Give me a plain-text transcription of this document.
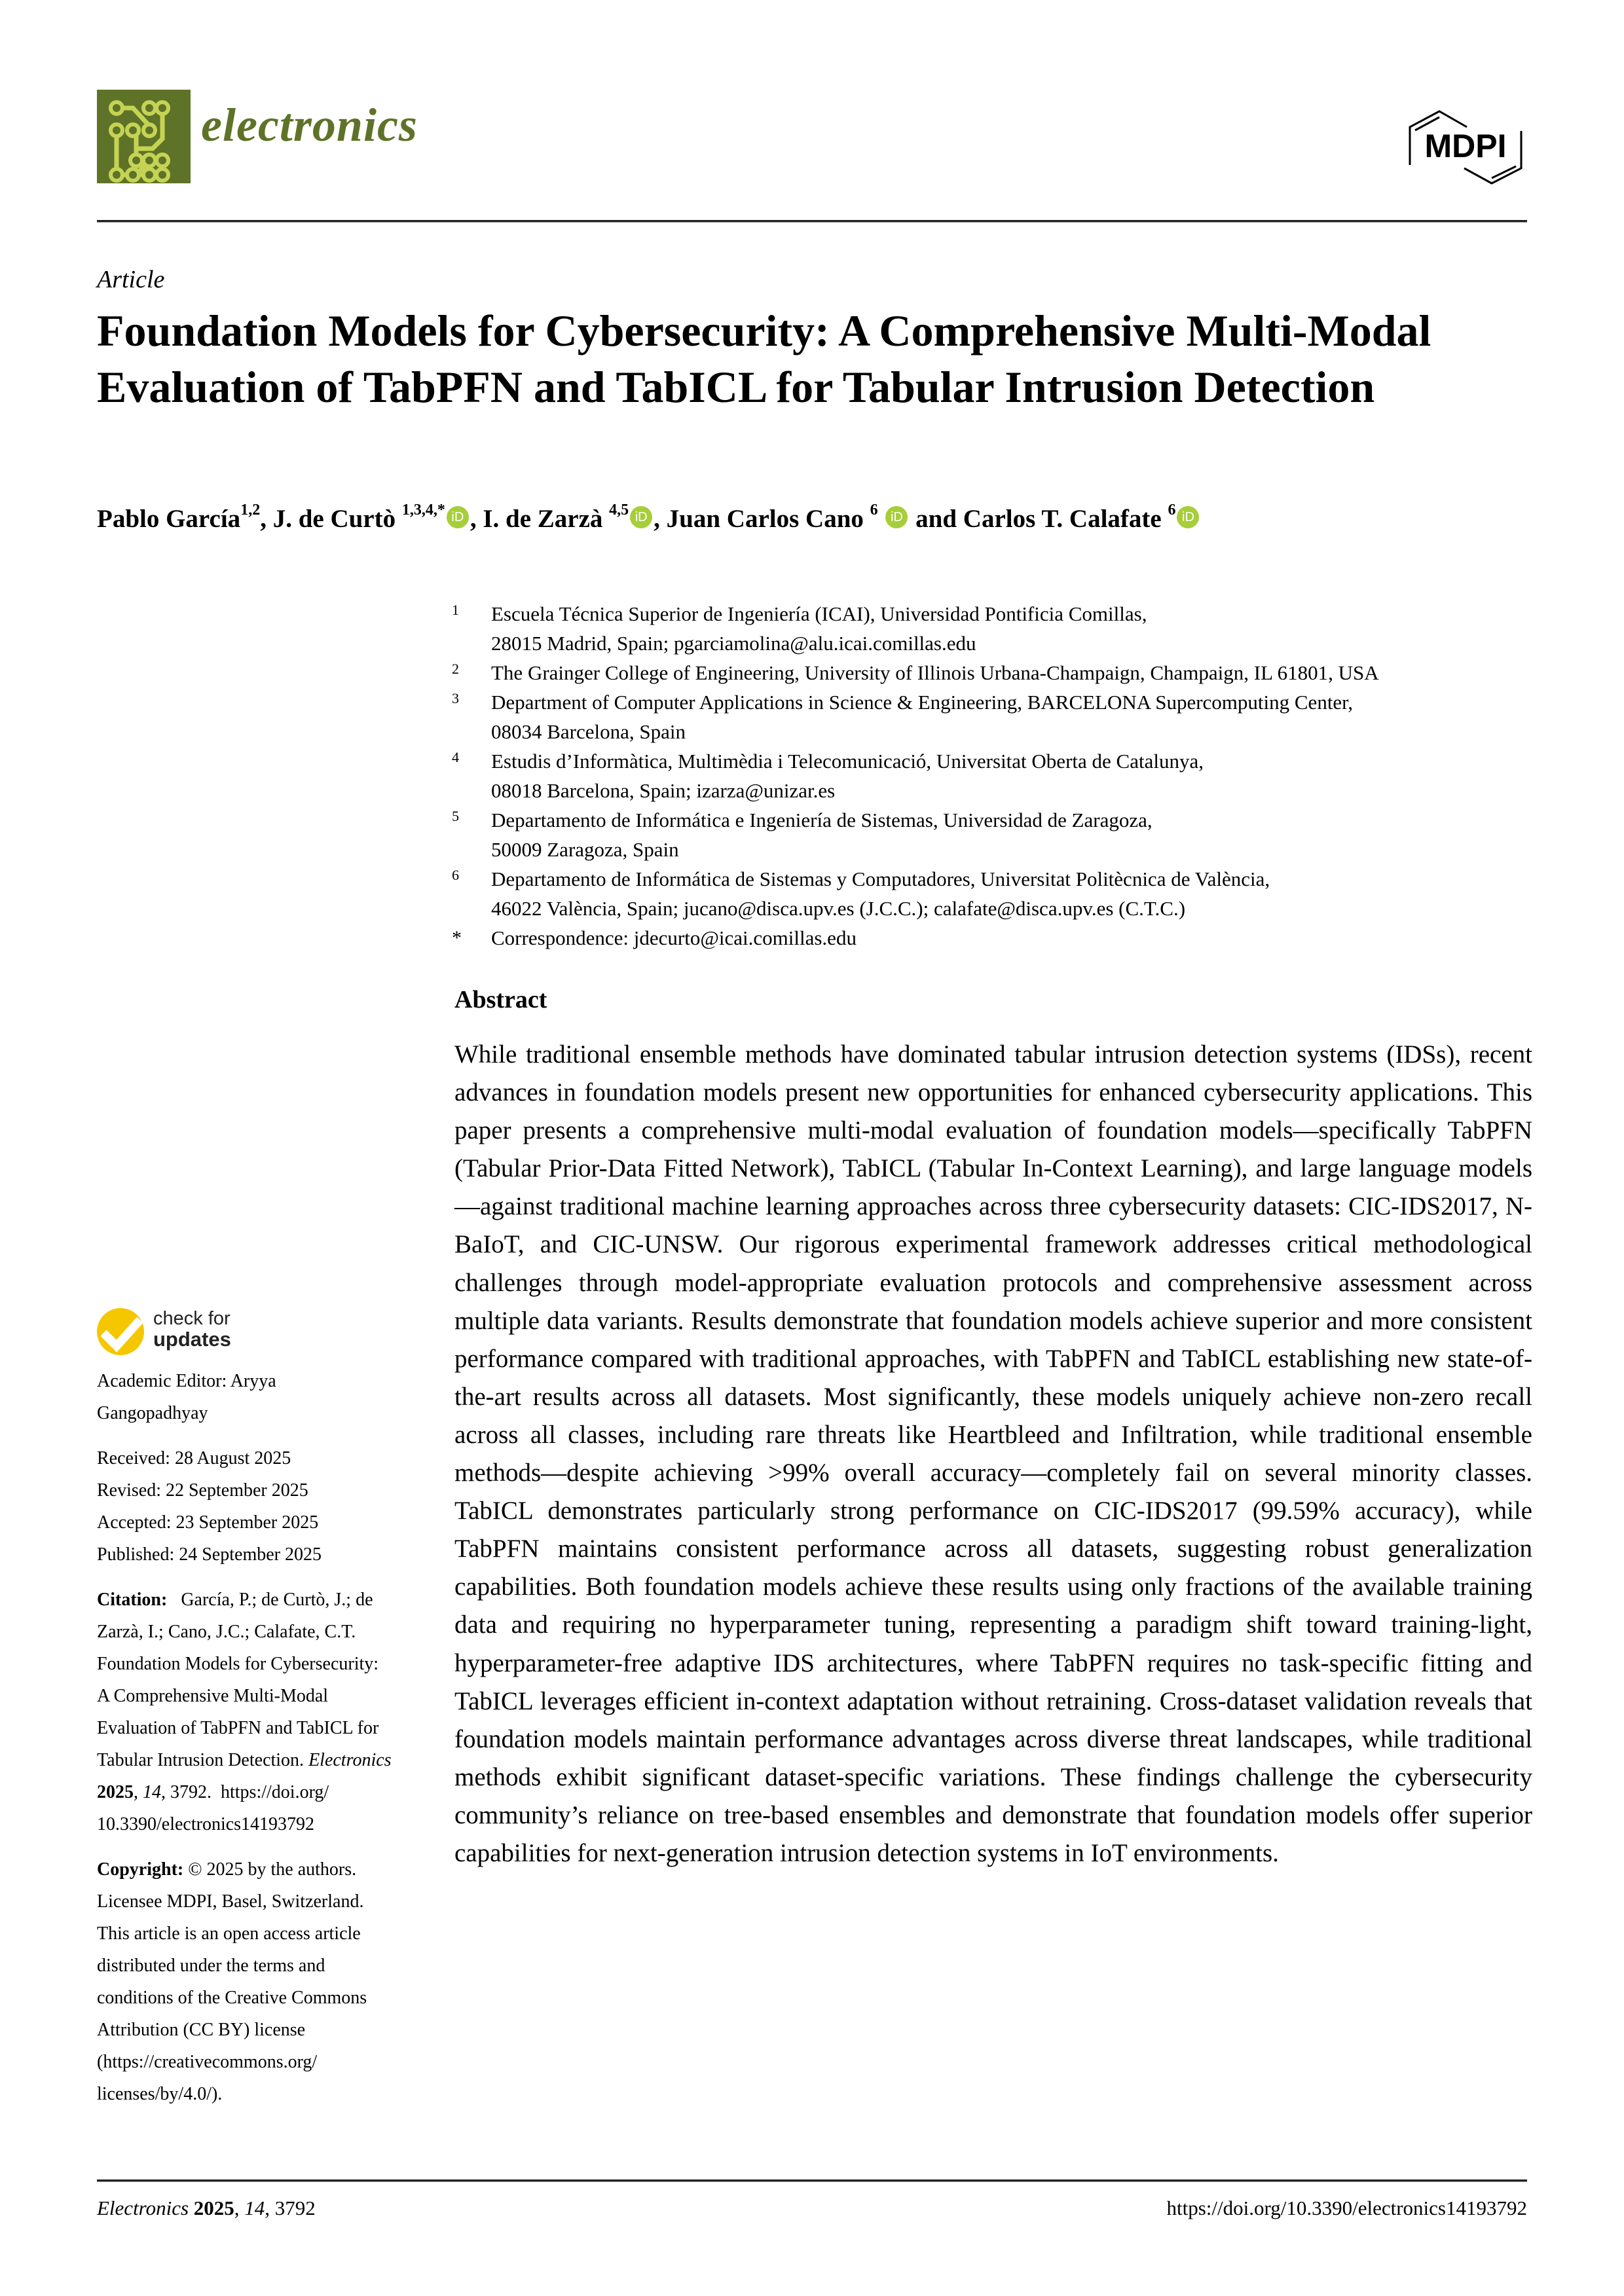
electronics	MDPI
Article
Foundation Models for Cybersecurity: A Comprehensive Multi-Modal Evaluation of TabPFN and TabICL for Tabular Intrusion Detection
Pablo García$^{1,2}$, J. de Curtò $^{1,3,4,*}$ iD , I. de Zarzà $^{4,5}$ iD , Juan Carlos Cano $^6$ iD and Carlos T. Calafate $^6$ iD
1 Escuela Técnica Superior de Ingeniería (ICAI), Universidad Pontificia Comillas,
28015 Madrid, Spain; pgarciamolina@alu.icai.comillas.edu
2 The Grainger College of Engineering, University of Illinois Urbana-Champaign, Champaign, IL 61801, USA
3 Department of Computer Applications in Science & Engineering, BARCELONA Supercomputing Center,
08034 Barcelona, Spain
4 Estudis d’Informàtica, Multimèdia i Telecomunicació, Universitat Oberta de Catalunya,
08018 Barcelona, Spain; izarza@unizar.es
5 Departamento de Informática e Ingeniería de Sistemas, Universidad de Zaragoza,
50009 Zaragoza, Spain
6 Departamento de Informática de Sistemas y Computadores, Universitat Politècnica de València,
46022 València, Spain; jucano@disca.upv.es (J.C.C.); calafate@disca.upv.es (C.T.C.)
* Correspondence: jdecurto@icai.comillas.edu
Abstract
While traditional ensemble methods have dominated tabular intrusion detection systems (IDSs), recent advances in foundation models present new opportunities for enhanced cybersecurity applications. This paper presents a comprehensive multi-modal evaluation of foundation models—specifically TabPFN (Tabular Prior-Data Fitted Network), TabICL (Tabular In-Context Learning), and large language models—against traditional machine learning approaches across three cybersecurity datasets: CIC-IDS2017, N-BaIoT, and CIC-UNSW. Our rigorous experimental framework addresses critical methodological challenges through model-appropriate evaluation protocols and comprehensive assessment across multiple data variants. Results demonstrate that foundation models achieve superior and more consistent performance compared with traditional approaches, with TabPFN and TabICL establishing new state-of-the-art results across all datasets. Most significantly, these models uniquely achieve non-zero recall across all classes, including rare threats like Heartbleed and Infiltration, while traditional ensemble methods—despite achieving >99% overall accuracy—completely fail on several minority classes. TabICL demonstrates particularly strong performance on CIC-IDS2017 (99.59% accuracy), while TabPFN maintains consistent performance across all datasets, suggesting robust generalization capabilities. Both foundation models achieve these results using only fractions of the available training data and requiring no hyperparameter tuning, representing a paradigm shift toward training-light, hyperparameter-free adaptive IDS architectures, where TabPFN requires no task-specific fitting and TabICL leverages efficient in-context adaptation without retraining. Cross-dataset validation reveals that foundation models maintain performance advantages across diverse threat landscapes, while traditional methods exhibit significant dataset-specific variations. These findings challenge the cybersecurity community’s reliance on tree-based ensembles and demonstrate that foundation models offer superior capabilities for next-generation intrusion detection systems in IoT environments.
check for
updates
Academic Editor: Aryya
Gangopadhyay
Received: 28 August 2025
Revised: 22 September 2025
Accepted: 23 September 2025
Published: 24 September 2025
Citation: García, P.; de Curtò, J.; de
Zarzà, I.; Cano, J.C.; Calafate, C.T.
Foundation Models for Cybersecurity:
A Comprehensive Multi-Modal
Evaluation of TabPFN and TabICL for
Tabular Intrusion Detection. Electronics
2025, 14, 3792. https://doi.org/
10.3390/electronics14193792
Copyright: © 2025 by the authors.
Licensee MDPI, Basel, Switzerland.
This article is an open access article
distributed under the terms and
conditions of the Creative Commons
Attribution (CC BY) license
(https://creativecommons.org/
licenses/by/4.0/).
Electronics 2025, 14, 3792	https://doi.org/10.3390/electronics14193792
